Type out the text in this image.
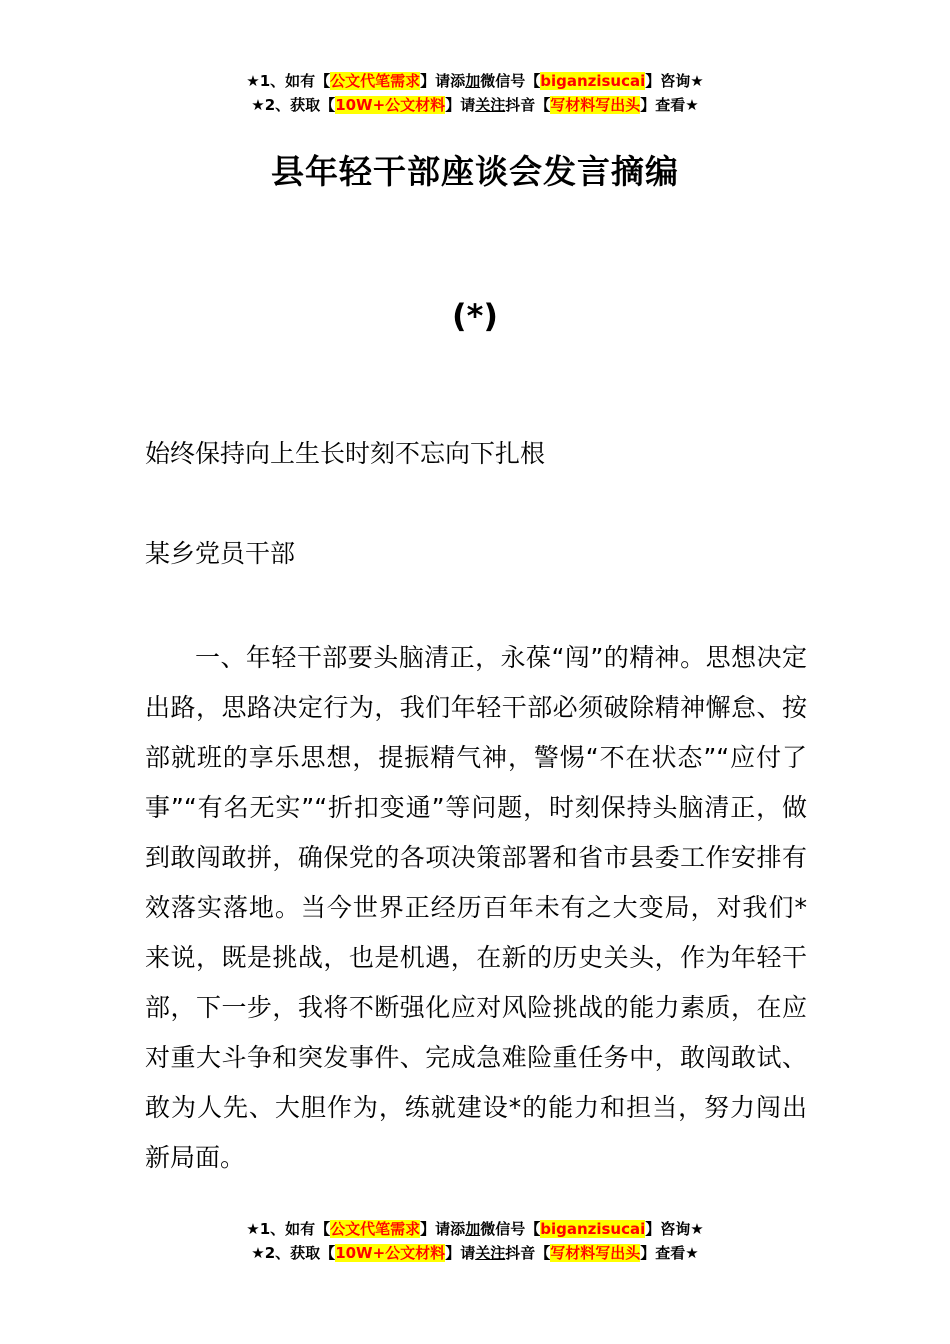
★1、如有【公文代笔需求】请添加微信号【biganzisucai】咨询★
★2、获取【10W+公文材料】请关注抖音【写材料写出头】查看★
县年轻干部座谈会发言摘编
(*)
始终保持向上生长时刻不忘向下扎根
某乡党员干部

一、年轻干部要头脑清正，永葆“闯”的精神。思想决定出路，思路决定行为，我们年轻干部必须破除精神懈怠、按部就班的享乐思想，提振精气神，警惕“不在状态”“应付了事”“有名无实”“折扣变通”等问题，时刻保持头脑清正，做到敢闯敢拼，确保党的各项决策部署和省市县委工作安排有效落实落地。当今世界正经历百年未有之大变局，对我们*来说，既是挑战，也是机遇，在新的历史关头，作为年轻干部，下一步，我将不断强化应对风险挑战的能力素质，在应对重大斗争和突发事件、完成急难险重任务中，敢闯敢试、敢为人先、大胆作为，练就建设*的能力和担当，努力闯出新局面。

★1、如有【公文代笔需求】请添加微信号【biganzisucai】咨询★
★2、获取【10W+公文材料】请关注抖音【写材料写出头】查看★
